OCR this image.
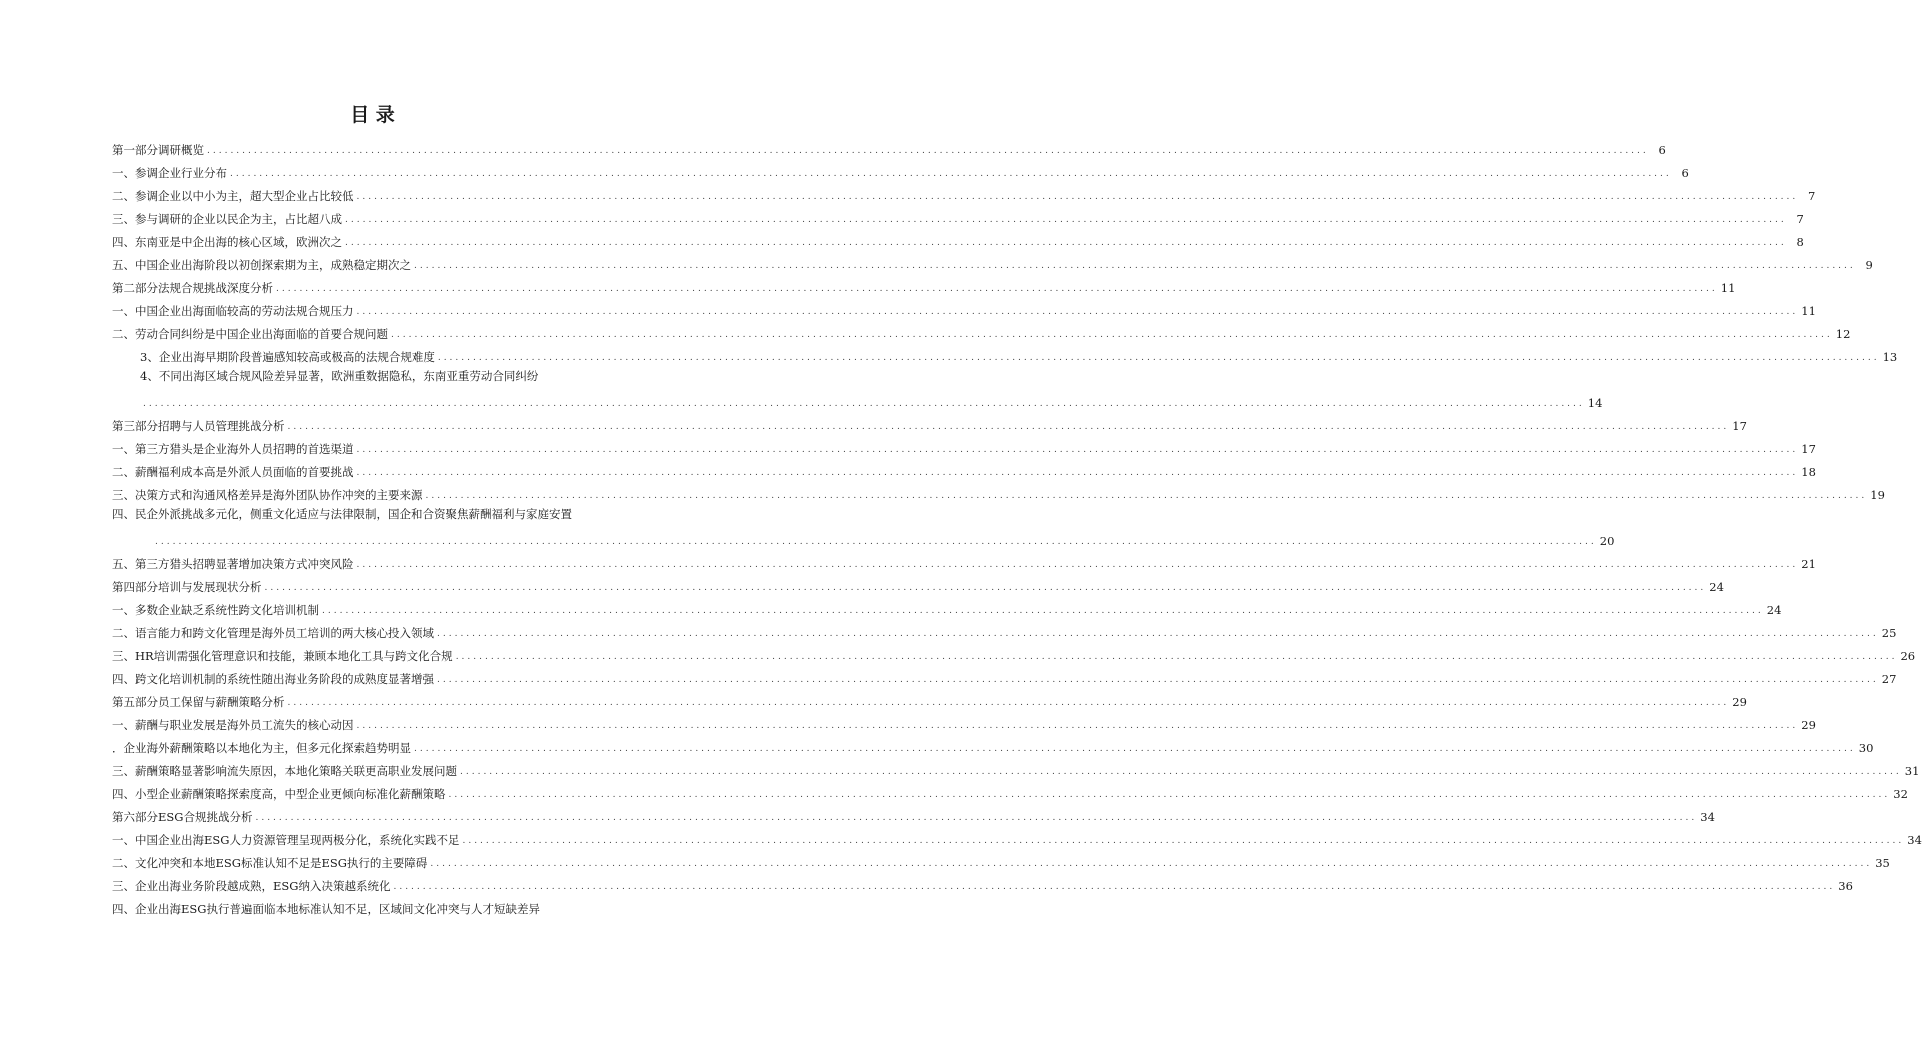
目 录
第一部分调研概览 ...................................................................................................................................................................................................................................................... 6
一、参调企业行业分布 ...................................................................................................................................................................................................................................................... 6
二、参调企业以中小为主，超大型企业占比较低 ...................................................................................................................................................................................................................................................... 7
三、参与调研的企业以民企为主，占比超八成 ...................................................................................................................................................................................................................................................... 7
四、东南亚是中企出海的核心区域，欧洲次之 ...................................................................................................................................................................................................................................................... 8
五、中国企业出海阶段以初创探索期为主，成熟稳定期次之 ...................................................................................................................................................................................................................................................... 9
第二部分法规合规挑战深度分析 ...................................................................................................................................................................................................................................................... 11
一、中国企业出海面临较高的劳动法规合规压力 ...................................................................................................................................................................................................................................................... 11
二、劳动合同纠纷是中国企业出海面临的首要合规问题 ...................................................................................................................................................................................................................................................... 12
3、企业出海早期阶段普遍感知较高或极高的法规合规难度 ...................................................................................................................................................................................................................................................... 13
4、不同出海区域合规风险差异显著，欧洲重数据隐私，东南亚重劳动合同纠纷
...................................................................................................................................................................................................................................................... 14
第三部分招聘与人员管理挑战分析 ...................................................................................................................................................................................................................................................... 17
一、第三方猎头是企业海外人员招聘的首选渠道 ...................................................................................................................................................................................................................................................... 17
二、薪酬福利成本高是外派人员面临的首要挑战 ...................................................................................................................................................................................................................................................... 18
三、决策方式和沟通风格差异是海外团队协作冲突的主要来源 ...................................................................................................................................................................................................................................................... 19
四、民企外派挑战多元化，侧重文化适应与法律限制，国企和合资聚焦薪酬福利与家庭安置
...................................................................................................................................................................................................................................................... 20
五、第三方猎头招聘显著增加决策方式冲突风险 ...................................................................................................................................................................................................................................................... 21
第四部分培训与发展现状分析 ...................................................................................................................................................................................................................................................... 24
一、多数企业缺乏系统性跨文化培训机制 ...................................................................................................................................................................................................................................................... 24
二、语言能力和跨文化管理是海外员工培训的两大核心投入领域 ...................................................................................................................................................................................................................................................... 25
三、HR培训需强化管理意识和技能，兼顾本地化工具与跨文化合规 ...................................................................................................................................................................................................................................................... 26
四、跨文化培训机制的系统性随出海业务阶段的成熟度显著增强 ...................................................................................................................................................................................................................................................... 27
第五部分员工保留与薪酬策略分析 ...................................................................................................................................................................................................................................................... 29
一、薪酬与职业发展是海外员工流失的核心动因 ...................................................................................................................................................................................................................................................... 29
．企业海外薪酬策略以本地化为主，但多元化探索趋势明显 ...................................................................................................................................................................................................................................................... 30
三、薪酬策略显著影响流失原因，本地化策略关联更高职业发展问题 ...................................................................................................................................................................................................................................................... 31
四、小型企业薪酬策略探索度高，中型企业更倾向标准化薪酬策略 ...................................................................................................................................................................................................................................................... 32
第六部分ESG合规挑战分析 ...................................................................................................................................................................................................................................................... 34
一、中国企业出海ESG人力资源管理呈现两极分化，系统化实践不足 ...................................................................................................................................................................................................................................................... 34
二、文化冲突和本地ESG标准认知不足是ESG执行的主要障碍 ...................................................................................................................................................................................................................................................... 35
三、企业出海业务阶段越成熟，ESG纳入决策越系统化 ...................................................................................................................................................................................................................................................... 36
四、企业出海ESG执行普遍面临本地标准认知不足，区域间文化冲突与人才短缺差异
